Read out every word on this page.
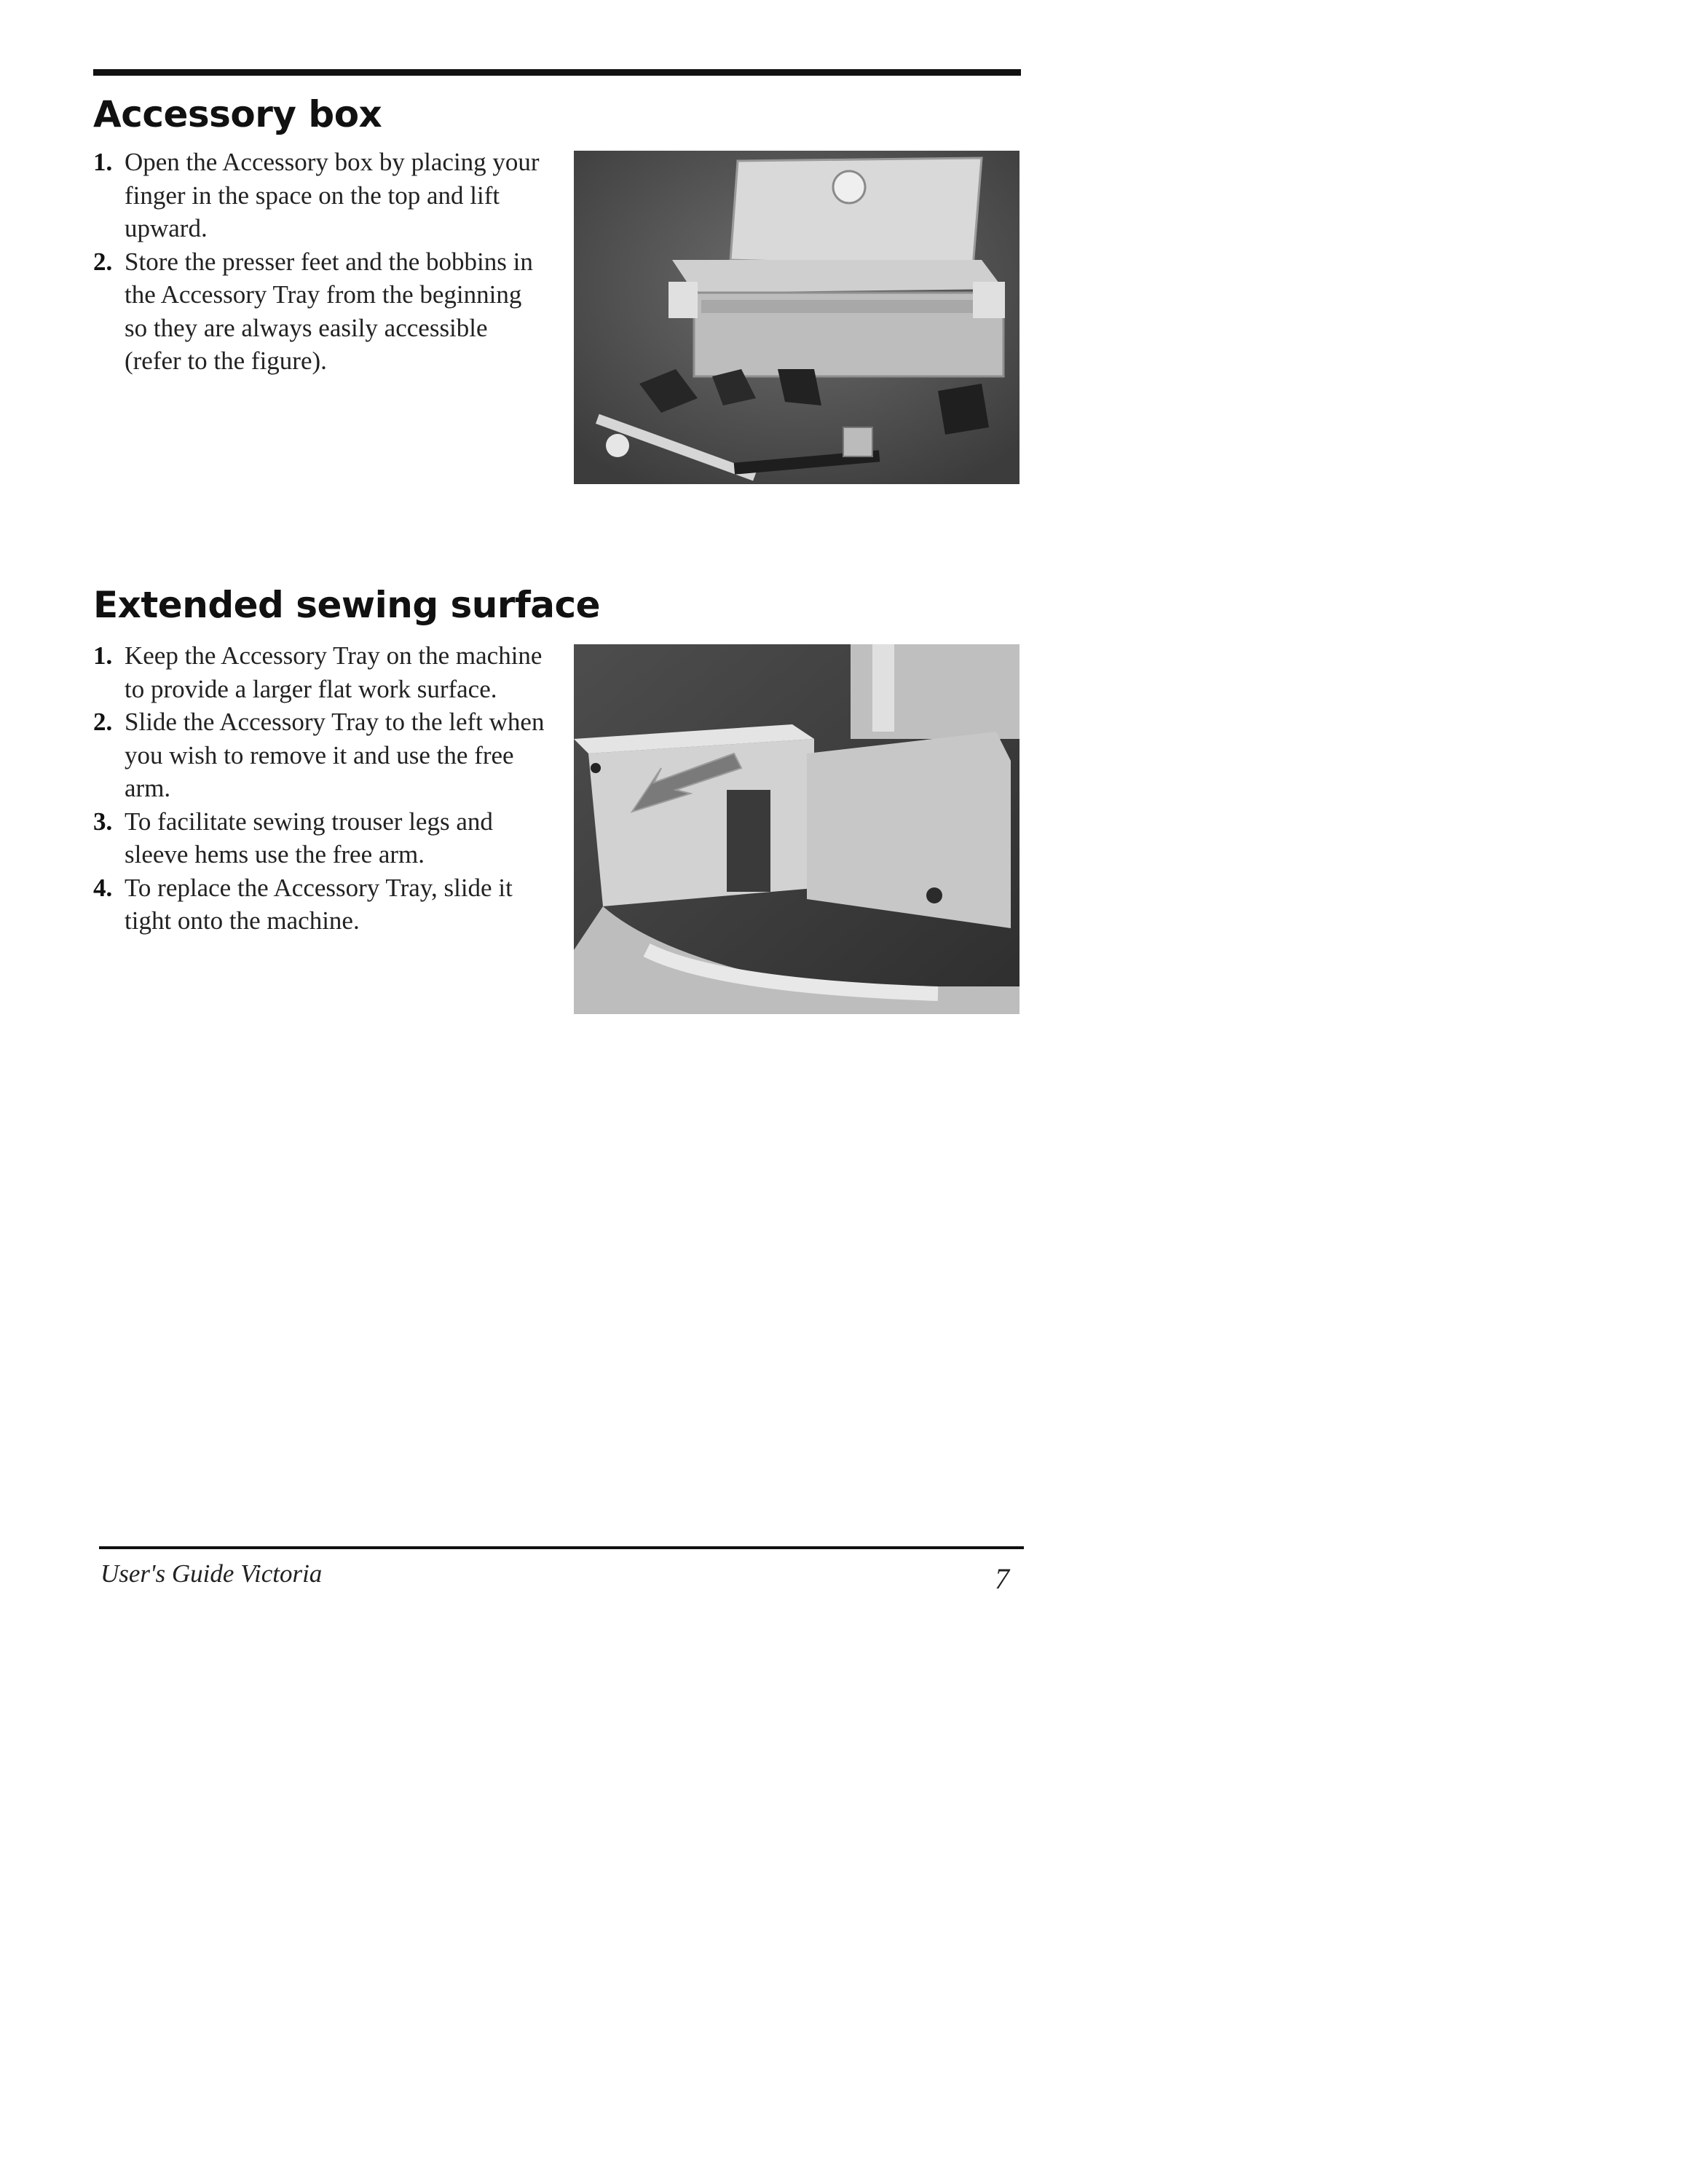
Accessory box
1. Open the Accessory box by placing your finger in the space on the top and lift upward.
2. Store the presser feet and the bobbins in the Accessory Tray from the beginning so they are always easily accessible (refer to the figure).
Extended sewing surface
1. Keep the Accessory Tray on the machine to provide a larger flat work surface.
2. Slide the Accessory Tray to the left when you wish to remove it and use the free arm.
3. To facilitate sewing trouser legs and sleeve hems use the free arm.
4. To replace the Accessory Tray, slide it tight onto the machine.
User's Guide Victoria	7
